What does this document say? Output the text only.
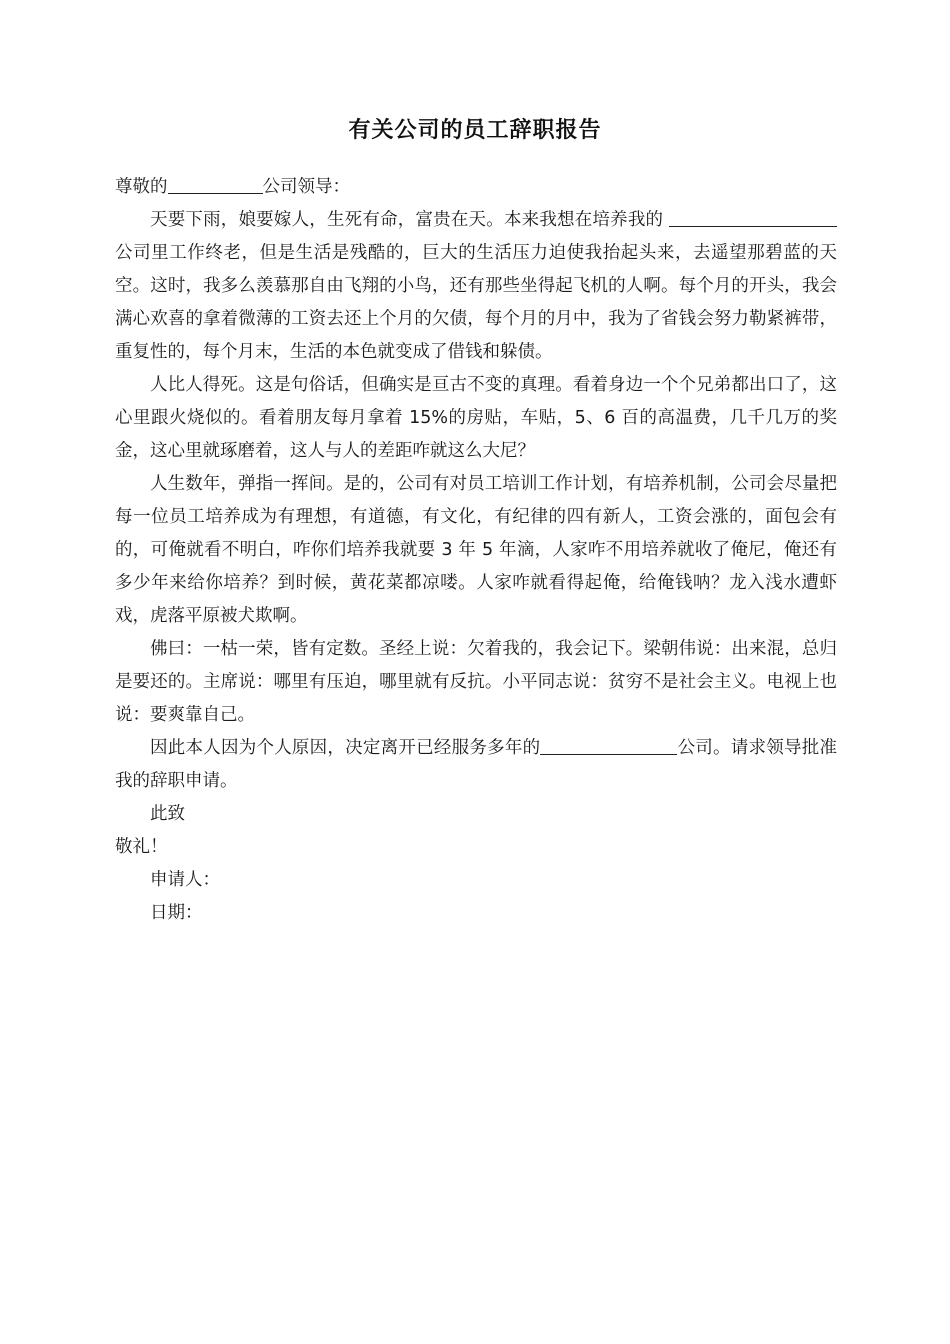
有关公司的员工辞职报告

尊敬的	公司领导：

天要下雨，娘要嫁人，生死有命，富贵在天。本来我想在培养我的 公司里工作终老，但是生活是残酷的，巨大的生活压力迫使我抬起头来，去遥望那碧蓝的天空。这时，我多么羡慕那自由飞翔的小鸟，还有那些坐得起飞机的人啊。每个月的开头，我会满心欢喜的拿着微薄的工资去还上个月的欠债，每个月的月中，我为了省钱会努力勒紧裤带，重复性的，每个月末，生活的本色就变成了借钱和躲债。

人比人得死。这是句俗话，但确实是亘古不变的真理。看着身边一个个兄弟都出口了，这心里跟火烧似的。看着朋友每月拿着 15%的房贴，车贴，5、6 百的高温费，几千几万的奖金，这心里就琢磨着，这人与人的差距咋就这么大尼？

人生数年，弹指一挥间。是的，公司有对员工培训工作计划，有培养机制，公司会尽量把每一位员工培养成为有理想，有道德，有文化，有纪律的四有新人，工资会涨的，面包会有的，可俺就看不明白，咋你们培养我就要 3 年 5 年滴，人家咋不用培养就收了俺尼，俺还有多少年来给你培养？到时候，黄花菜都凉喽。人家咋就看得起俺，给俺钱呐？龙入浅水遭虾戏，虎落平原被犬欺啊。

佛曰：一枯一荣，皆有定数。圣经上说：欠着我的，我会记下。梁朝伟说：出来混，总归是要还的。主席说：哪里有压迫，哪里就有反抗。小平同志说：贫穷不是社会主义。电视上也说：要爽靠自己。

因此本人因为个人原因，决定离开已经服务多年的	公司。请求领导批准我的辞职申请。

此致

敬礼！

申请人：

日期：
